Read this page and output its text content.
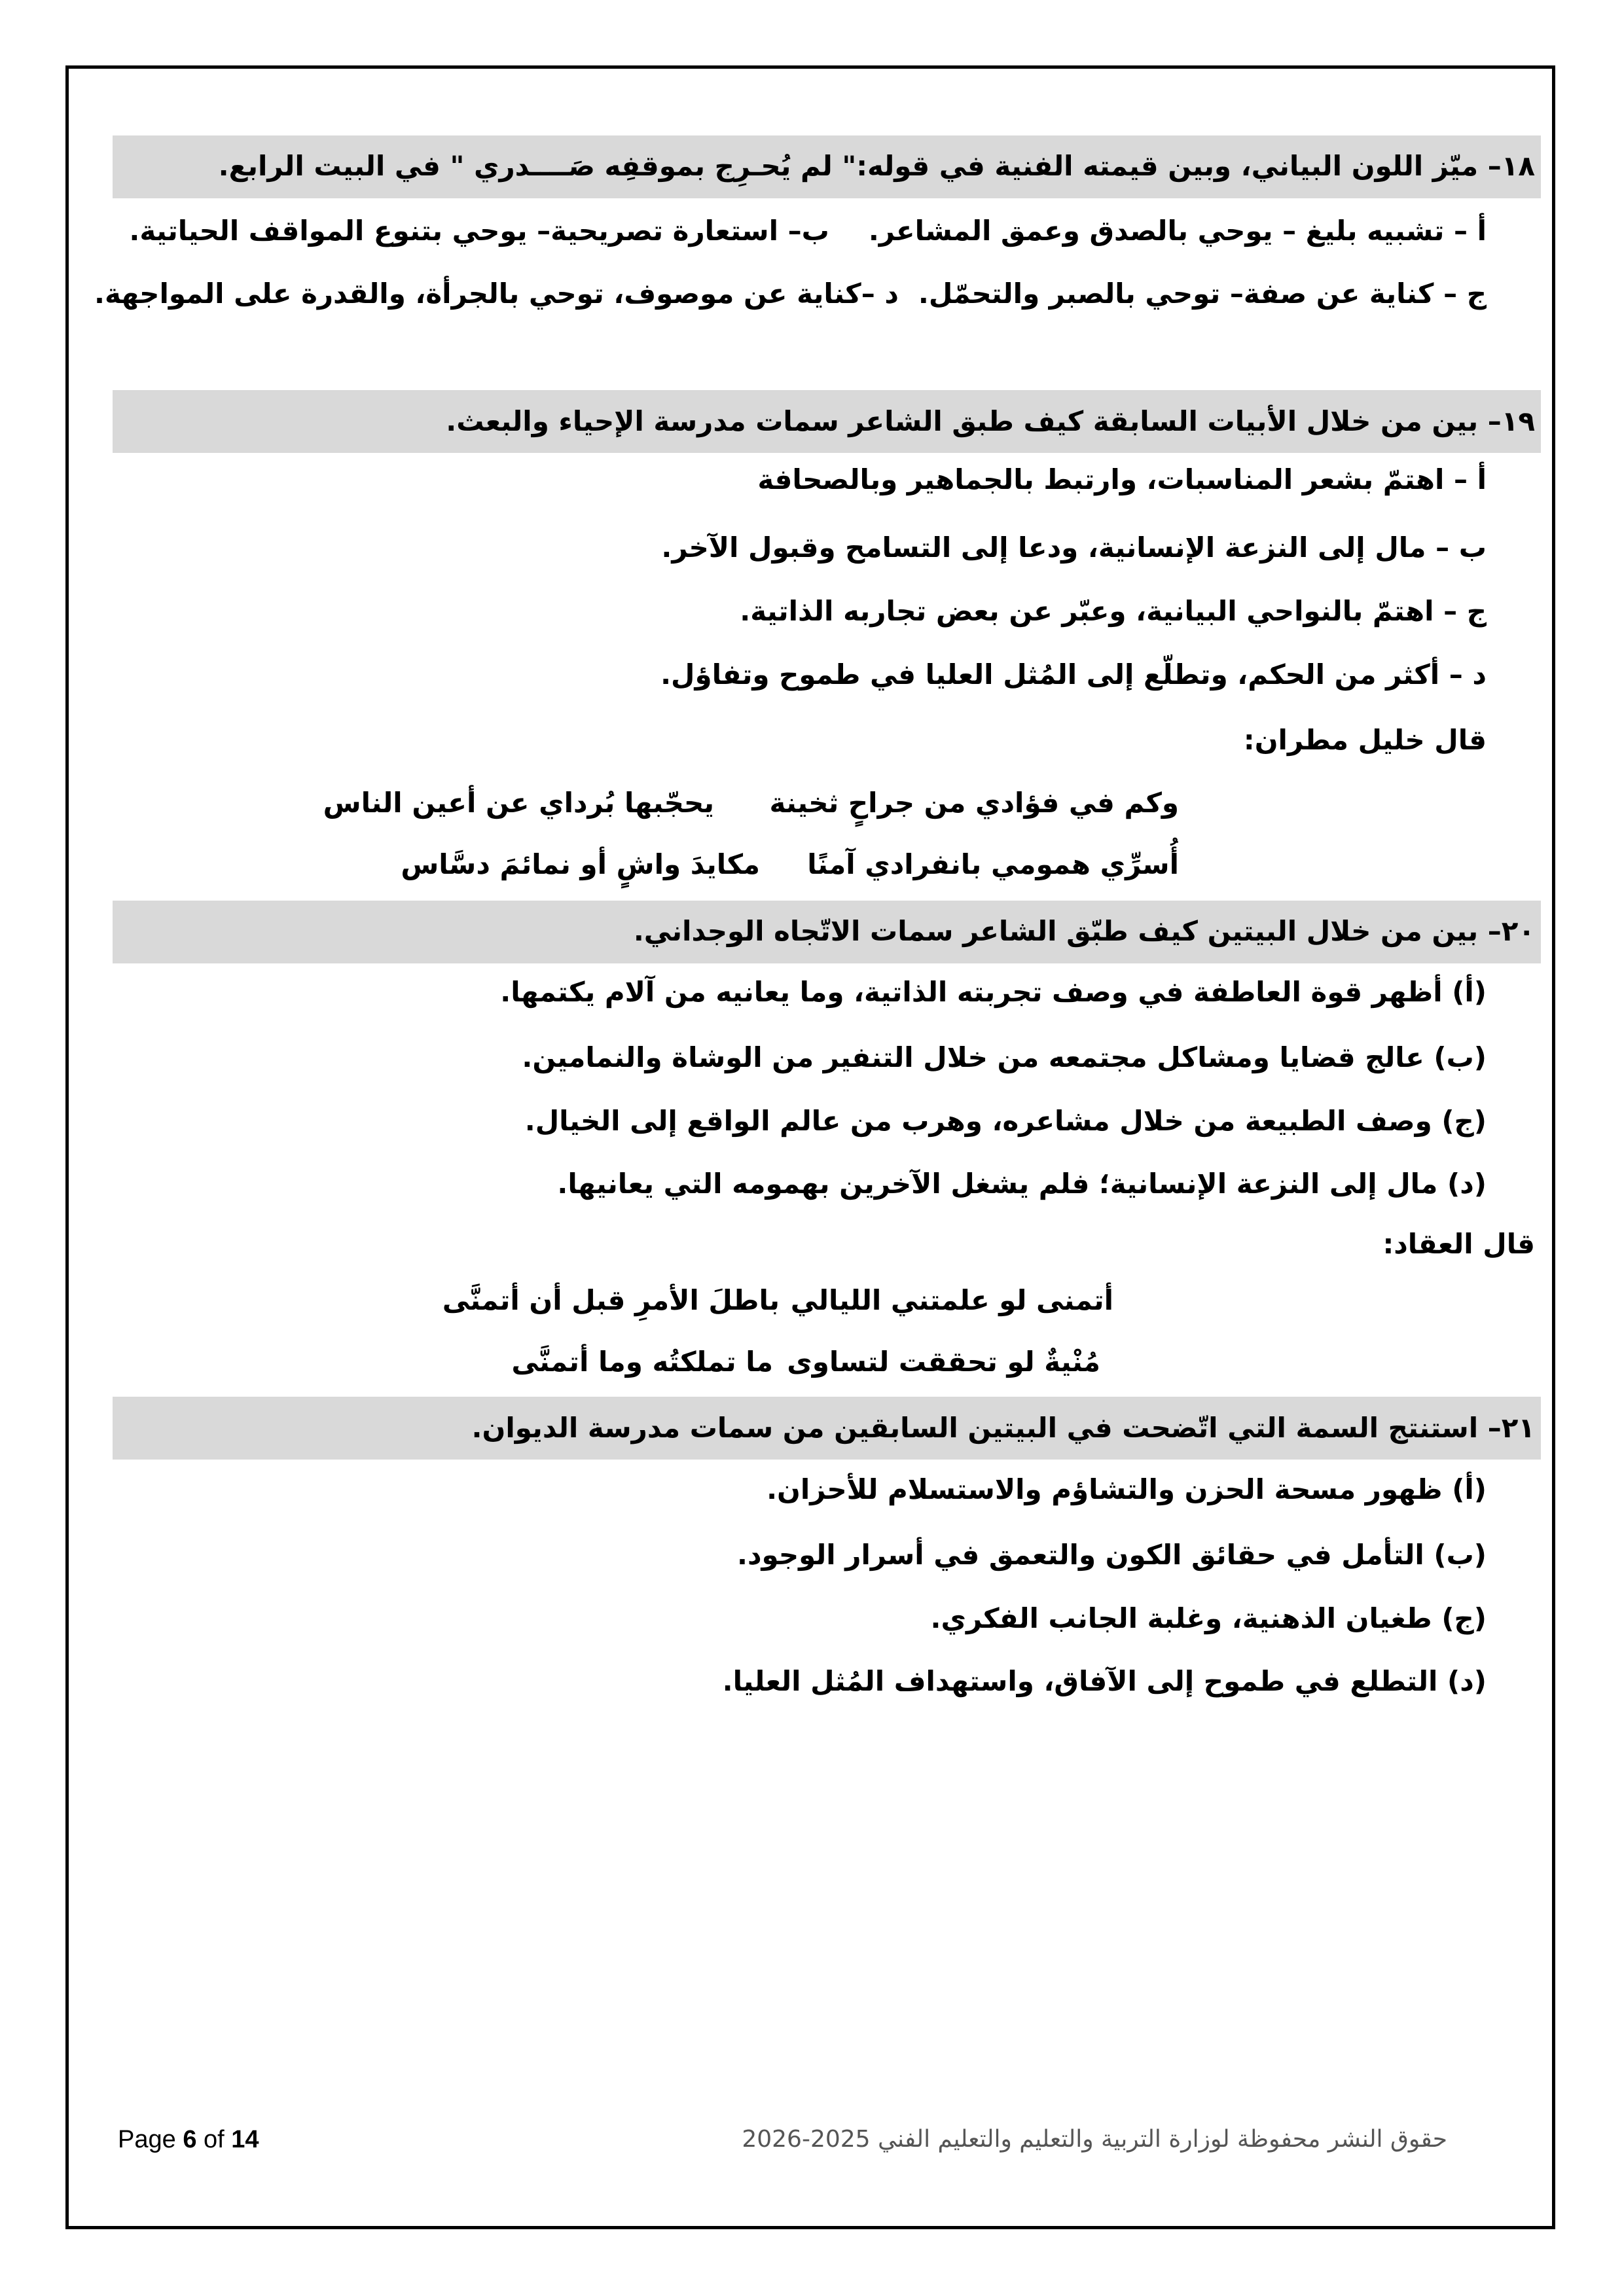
١٨– ميّز اللون البياني، وبين قيمته الفنية في قوله:" لم يُحـرِج بموقفِه صَــــدري " في البيت الرابع.
أ – تشبيه بليغ – يوحي بالصدق وعمق المشاعر.
ب– استعارة تصريحية– يوحي بتنوع المواقف الحياتية.
ج – كناية عن صفة– توحي بالصبر والتحمّل.
د –كناية عن موصوف، توحي بالجرأة، والقدرة على المواجهة.
١٩– بين من خلال الأبيات السابقة كيف طبق الشاعر سمات مدرسة الإحياء والبعث.
أ – اهتمّ بشعر المناسبات، وارتبط بالجماهير وبالصحافة
ب – مال إلى النزعة الإنسانية، ودعا إلى التسامح وقبول الآخر.
ج – اهتمّ بالنواحي البيانية، وعبّر عن بعض تجاربه الذاتية.
د – أكثر من الحكم، وتطلّع إلى المُثل العليا في طموح وتفاؤل.
قال خليل مطران:
وكم في فؤادي من جراحٍ ثخينة
يحجّبها بُرداي عن أعين الناس
أُسرِّي همومي بانفرادي آمنًا
مكايدَ واشٍ أو نمائمَ دسَّاس
٢٠– بين من خلال البيتين كيف طبّق الشاعر سمات الاتّجاه الوجداني.
(أ) أظهر قوة العاطفة في وصف تجربته الذاتية، وما يعانيه من آلام يكتمها.
(ب) عالج قضايا ومشاكل مجتمعه من خلال التنفير من الوشاة والنمامين.
(ج) وصف الطبيعة من خلال مشاعره، وهرب من عالم الواقع إلى الخيال.
(د) مال إلى النزعة الإنسانية؛ فلم يشغل الآخرين بهمومه التي يعانيها.
قال العقاد:
أتمنى لو علمتني الليالي
باطلَ الأمرِ قبل أن أتمنَّى
مُنْيةٌ لو تحققت لتساوى
ما تملكتُه وما أتمنَّى
٢١– استنتج السمة التي اتّضحت في البيتين السابقين من سمات مدرسة الديوان.
(أ) ظهور مسحة الحزن والتشاؤم والاستسلام للأحزان.
(ب) التأمل في حقائق الكون والتعمق في أسرار الوجود.
(ج) طغيان الذهنية، وغلبة الجانب الفكري.
(د) التطلع في طموح إلى الآفاق، واستهداف المُثل العليا.
Page 6 of 14	حقوق النشر محفوظة لوزارة التربية والتعليم والتعليم الفني 2025-2026
